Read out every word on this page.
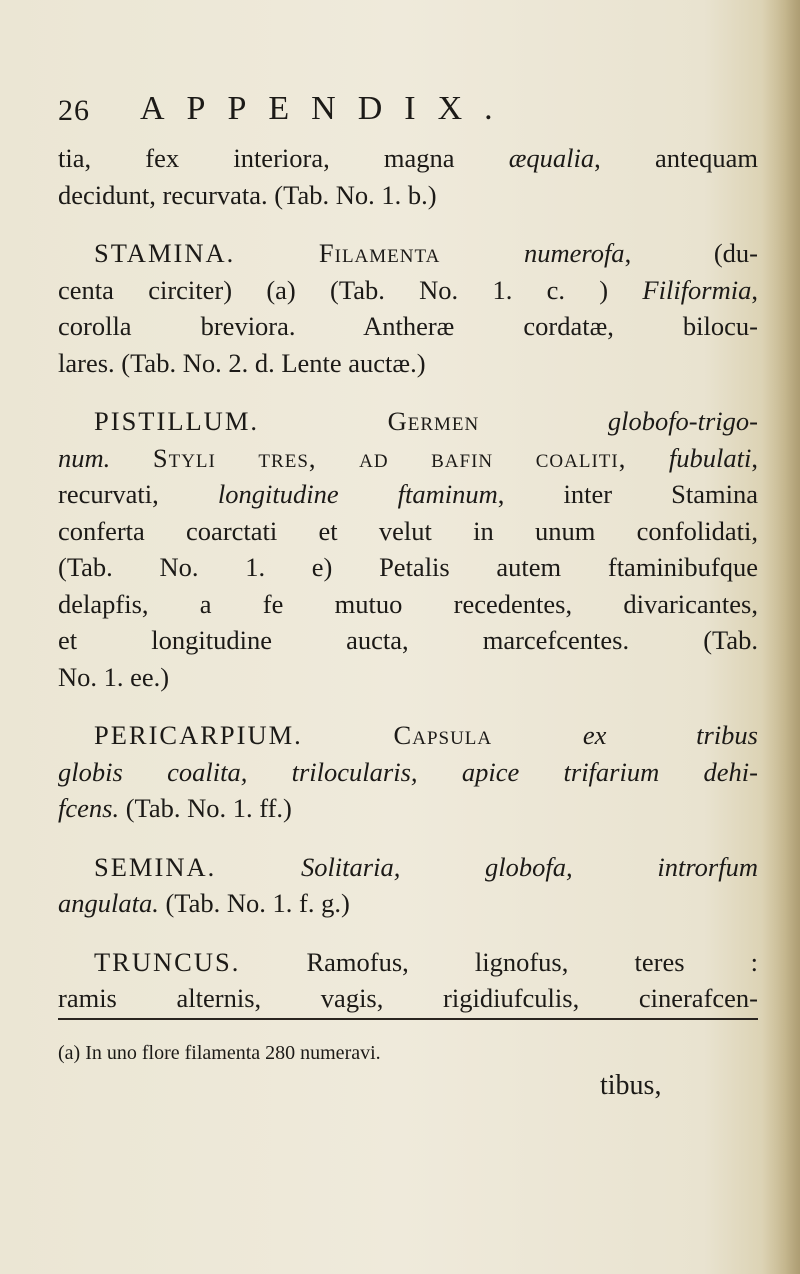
26 APPENDIX.
tia, fex interiora, magna æqualia, antequam
decidunt, recurvata. (Tab. No. 1. b.)
STAMINA. Filamenta numerofa, (du-
centa circiter) (a) (Tab. No. 1. c. ) Filiformia,
corolla breviora. Antheræ cordatæ, bilocu-
lares. (Tab. No. 2. d. Lente auctæ.)
PISTILLUM. Germen globofo-trigo-
num. Styli tres, ad bafin coaliti, fubulati,
recurvati, longitudine ftaminum, inter Stamina
conferta coarctati et velut in unum confolidati,
(Tab. No. 1. e) Petalis autem ftaminibufque
delapfis, a fe mutuo recedentes, divaricantes,
et longitudine aucta, marcefcentes. (Tab.
No. 1. ee.)
PERICARPIUM. Capsula ex tribus
globis coalita, trilocularis, apice trifarium dehi-
fcens. (Tab. No. 1. ff.)
SEMINA. Solitaria, globofa, introrfum
angulata. (Tab. No. 1. f. g.)
TRUNCUS. Ramofus, lignofus, teres :
ramis alternis, vagis, rigidiufculis, cinerafcen-
(a) In uno flore filamenta 280 numeravi.
tibus,
